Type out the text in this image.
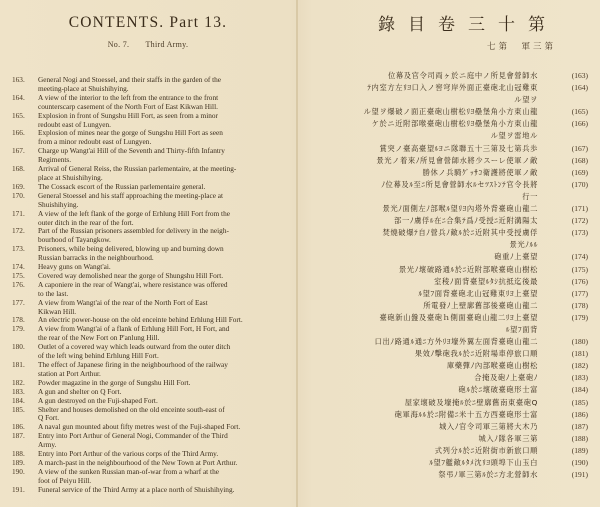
CONTENTS. Part 13.
No. 7. Third Army.
163.	General Nogi and Stoessel, and their staffs in the garden of the
meeting-place at Shuishihying.
164.	A view of the interior to the left from the entrance to the front
counterscarp casement of the North Fort of East Kikwan Hill.
165.	Explosion in front of Sungshu Hill Fort, as seen from a minor
redoubt east of Lungyen.
166.	Explosion of mines near the gorge of Sungshu Hill Fort as seen
from a minor redoubt east of Lungyen.
167.	Charge up Wangt'ai Hill of the Seventh and Thirty-fifth Infantry
Regiments.
168.	Arrival of General Reiss, the Russian parlementaire, at the meeting-
place at Shuishihying.
169.	The Cossack escort of the Russian parlementaire general.
170.	General Stoessel and his staff approaching the meeting-place at
Shuishihying.
171.	A view of the left flank of the gorge of Erhlung Hill Fort from the
outer ditch in the rear of the fort.
172.	Part of the Russian prisoners assembled for delivery in the neigh-
bourhood of Tayangkow.
173.	Prisoners, while being delivered, blowing up and burning down
Russian barracks in the neighbourhood.
174.	Heavy guns on Wangt'ai.
175.	Covered way demolished near the gorge of Shungshu Hill Fort.
176.	A caponiere in the rear of Wangt'ai, where resistance was offered
to the last.
177.	A view from Wangt'ai of the rear of the North Fort of East
Kikwan Hill.
178.	An electric power-house on the old enceinte behind Erhlung Hill Fort.
179.	A view from Wangt'ai of a flank of Erhlung Hill Fort, H Fort, and
the rear of the New Fort on P'anlung Hill.
180.	Outlet of a covered way which leads outward from the outer ditch
of the left wing behind Erhlung Hill Fort.
181.	The effect of Japanese firing in the neighbourhood of the railway
station at Port Arthur.
182.	Powder magazine in the gorge of Sungshu Hill Fort.
183.	A gun and shelter on Q Fort.
184.	A gun destroyed on the Fuji-shaped Fort.
185.	Shelter and houses demolished on the old enceinte south-east of
Q Fort.
186.	A naval gun mounted about fifty metres west of the Fuji-shaped Fort.
187.	Entry into Port Arthur of General Nogi, Commander of the Third
Army.
188.	Entry into Port Arthur of the various corps of the Third Army.
189.	A march-past in the neighbourhood of the New Town at Port Arthur.
190.	A view of the sunken Russian man-of-war from a wharf at the
foot of Peiyu Hill.
191.	Funeral service of the Third Army at a place north of Shuishihying.
錄目卷三十第
七第　軍三第
位幕及官令司両ヶ於ニ庭中ノ所見會營師水	(163)
ﾃ内室方左ﾘﾖ口入ノ窖穹岸外面正臺砲北山冠雞東	(164)
ル望ヲ
ル望ヲ爆破ノ面正臺砲山樹松ﾘﾖ壘堡角小方東山龍	(165)
ケ於ニ近附部喉臺砲山樹松ﾘﾖ壘堡角小方東山龍	(166)
ル望ヲ雷地ル
賞突ノ臺高臺望ﾙﾖニ隊聯五十三第及七第兵歩	(167)
景光ノ着來ﾉ所見會營師水將少スーレ使軍ノ敵	(168)
勝休ノ兵騎ｸﾞｯｻｺ衛護將使軍ノ敵	(169)
ﾉ位幕及ﾙ至ﾆ所見會營師水ﾙセﾂｽﾄﾝﾃ官令長將	(170)
行一
景光ﾉ面側左ﾉ部喉ﾙ望ﾘﾖ內塔外背臺砲山龍二	(171)
部一ﾉ虜俘ﾙ在ﾆ合集ﾃ爲ﾉ受授ﾆ近附溝陽太	(172)
焚燒破爆ﾃ自ﾉ營兵ﾉ敵ﾙ於ﾆ近附其中受授虜俘	(173)
景光ﾉﾙﾙ
砲重ﾉ上臺望	(174)
景光ﾉ壞破路通ﾙ於ﾆ近附部喉臺砲山樹松	(175)
室稜ﾉ面背臺望ﾙﾀｼ抗抵迄後最	(176)
ﾙ望ﾌ面背臺砲北山冠雞東ﾘﾖ上臺望	(177)
所電發ﾉ上壁廓舊部後臺砲山龍二	(178)
臺砲新山盤及臺砲ｈ側面臺砲山龍二ﾘﾖ上臺望	(179)
ﾙ望ﾌ面背
口出ﾉ路通ﾙ通ﾆ方外ﾘﾖ壕外翼左面背臺砲山龍二	(180)
果效ﾉ擊砲我ﾙ於ﾆ近附場車停旅口順	(181)
庫藥彈ﾉ內部喉臺砲山樹松	(182)
合掩及砲ﾉ上臺砲ﾉ	(183)
砲ﾙ於ﾆ壞破臺砲形士富	(184)
屋家壞破及壕掩ﾙ於ﾆ壁廓舊南東臺砲Q	(185)
砲軍海ﾙﾙ於ﾆ附備ﾆ米十五方西臺砲形士富	(186)
城入ﾉ官令司軍三第將大木乃	(187)
城入ﾉ隊各軍三第	(188)
式列分ﾙ於ﾆ近附街市新旅口順	(189)
ﾙ望ﾌ艦敵ﾙﾀﾒ沈ﾘﾖ頭埠下山玉白	(190)
祭弔ﾉ軍三第ﾙ於ﾆ方北營師水	(191)
